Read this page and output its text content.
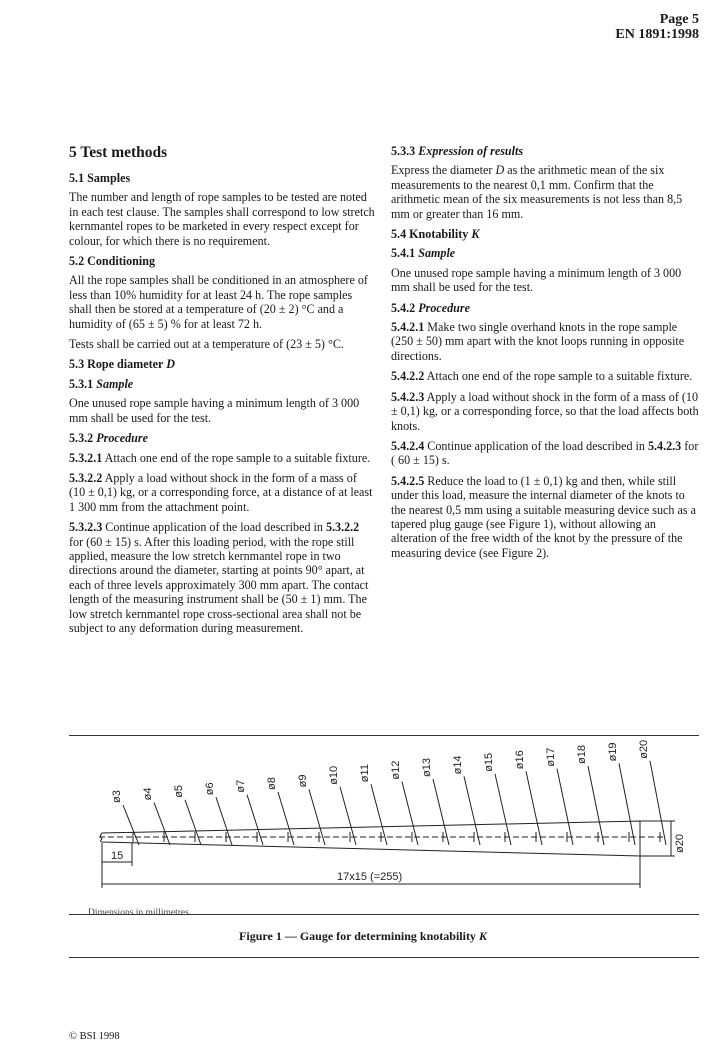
Page 5
EN 1891:1998
5 Test methods
5.1 Samples

The number and length of rope samples to be tested are noted in each test clause. The samples shall correspond to low stretch kernmantel ropes to be marketed in every respect except for colour, for which there is no requirement.

5.2 Conditioning

All the rope samples shall be conditioned in an atmosphere of less than 10% humidity for at least 24 h. The rope samples shall then be stored at a temperature of (20 ± 2) °C and a humidity of (65 ± 5) % for at least 72 h.

Tests shall be carried out at a temperature of (23 ± 5) °C.

5.3 Rope diameter D
5.3.1 Sample

One unused rope sample having a minimum length of 3 000 mm shall be used for the test.

5.3.2 Procedure

5.3.2.1 Attach one end of the rope sample to a suitable fixture.

5.3.2.2 Apply a load without shock in the form of a mass of (10 ± 0,1) kg, or a corresponding force, at a distance of at least 1 300 mm from the attachment point.

5.3.2.3 Continue application of the load described in 5.3.2.2 for (60 ± 15) s. After this loading period, with the rope still applied, measure the low stretch kernmantel rope in two directions around the diameter, starting at points 90° apart, at each of three levels approximately 300 mm apart. The contact length of the measuring instrument shall be (50 ± 1) mm. The low stretch kernmantel rope cross-sectional area shall not be subject to any deformation during measurement.

5.3.3 Expression of results

Express the diameter D as the arithmetic mean of the six measurements to the nearest 0,1 mm. Confirm that the arithmetic mean of the six measurements is not less than 8,5 mm or greater than 16 mm.

5.4 Knotability K
5.4.1 Sample

One unused rope sample having a minimum length of 3 000 mm shall be used for the test.

5.4.2 Procedure

5.4.2.1 Make two single overhand knots in the rope sample (250 ± 50) mm apart with the knot loops running in opposite directions.

5.4.2.2 Attach one end of the rope sample to a suitable fixture.

5.4.2.3 Apply a load without shock in the form of a mass of (10 ± 0,1) kg, or a corresponding force, so that the load affects both knots.

5.4.2.4 Continue application of the load described in 5.4.2.3 for ( 60 ± 15) s.

5.4.2.5 Reduce the load to (1 ± 0,1) kg and then, while still under this load, measure the internal diameter of the knots to the nearest 0,5 mm using a suitable measuring device such as a tapered plug gauge (see Figure 1), without allowing an alteration of the free width of the knot by the pressure of the measuring device (see Figure 2).

ø3 ø4 ø5 ø6 ø7 ø8 ø9 ø10 ø11 ø12 ø13 ø14 ø15 ø16 ø17 ø18 ø19 ø20
15
17x15 (=255)
ø20
Dimensions in millimetres
Figure 1 — Gauge for determining knotability K
© BSI 1998
